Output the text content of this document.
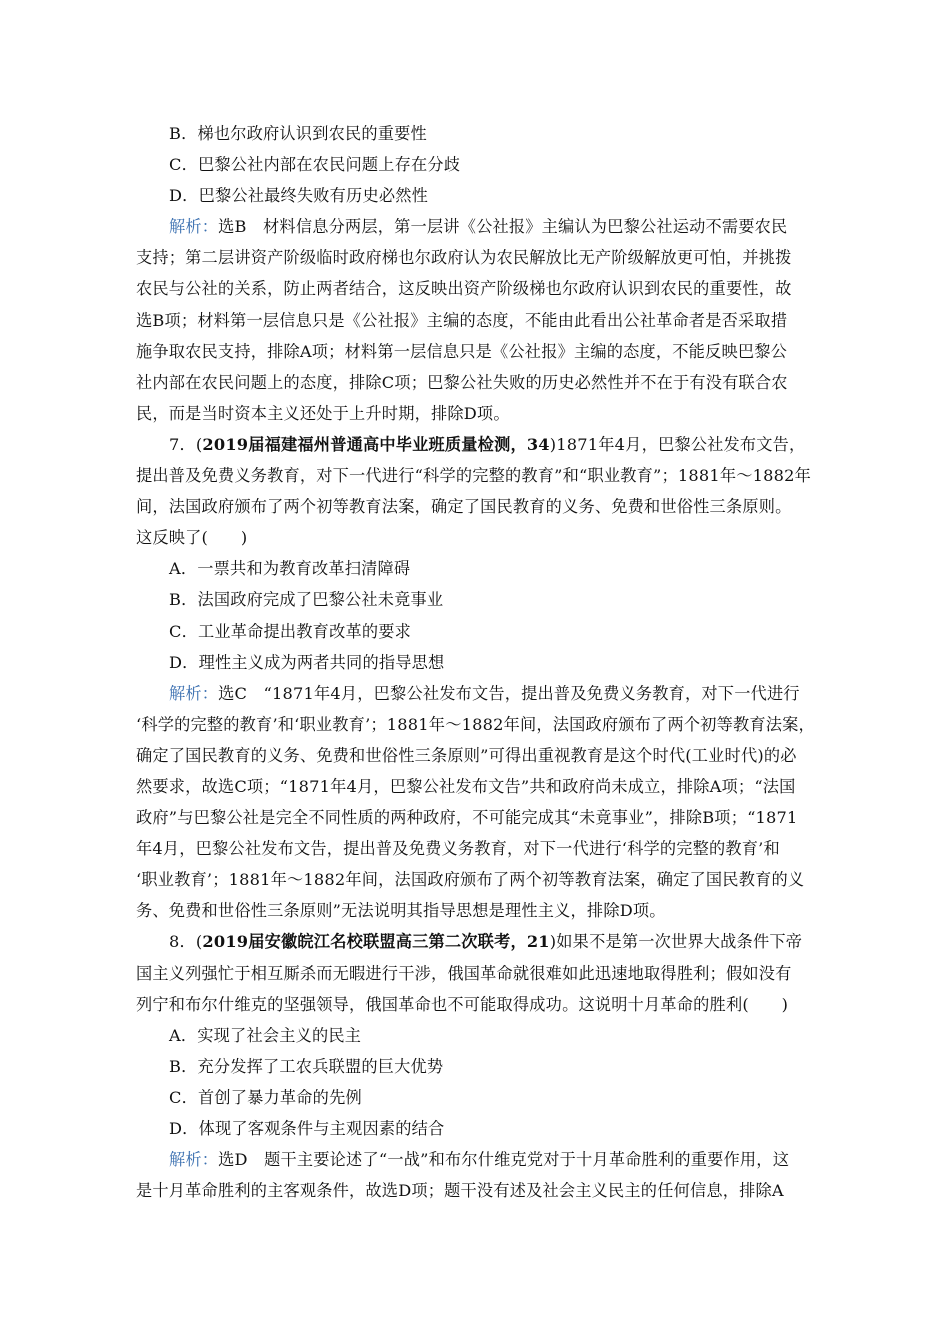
B．梯也尔政府认识到农民的重要性
C．巴黎公社内部在农民问题上存在分歧
D．巴黎公社最终失败有历史必然性
解析：选B　材料信息分两层，第一层讲《公社报》主编认为巴黎公社运动不需要农民
支持；第二层讲资产阶级临时政府梯也尔政府认为农民解放比无产阶级解放更可怕，并挑拨
农民与公社的关系，防止两者结合，这反映出资产阶级梯也尔政府认识到农民的重要性，故
选B项；材料第一层信息只是《公社报》主编的态度，不能由此看出公社革命者是否采取措
施争取农民支持，排除A项；材料第一层信息只是《公社报》主编的态度，不能反映巴黎公
社内部在农民问题上的态度，排除C项；巴黎公社失败的历史必然性并不在于有没有联合农
民，而是当时资本主义还处于上升时期，排除D项。
7．(2019届福建福州普通高中毕业班质量检测，34)1871年4月，巴黎公社发布文告，
提出普及免费义务教育，对下一代进行“科学的完整的教育”和“职业教育”；1881年～1882年
间，法国政府颁布了两个初等教育法案，确定了国民教育的义务、免费和世俗性三条原则。
这反映了(　　)
A．一票共和为教育改革扫清障碍
B．法国政府完成了巴黎公社未竟事业
C．工业革命提出教育改革的要求
D．理性主义成为两者共同的指导思想
解析：选C　“1871年4月，巴黎公社发布文告，提出普及免费义务教育，对下一代进行
‘科学的完整的教育’和‘职业教育’；1881年～1882年间，法国政府颁布了两个初等教育法案，
确定了国民教育的义务、免费和世俗性三条原则”可得出重视教育是这个时代(工业时代)的必
然要求，故选C项；“1871年4月，巴黎公社发布文告”共和政府尚未成立，排除A项；“法国
政府”与巴黎公社是完全不同性质的两种政府，不可能完成其“未竟事业”，排除B项；“1871
年4月，巴黎公社发布文告，提出普及免费义务教育，对下一代进行‘科学的完整的教育’和
‘职业教育’；1881年～1882年间，法国政府颁布了两个初等教育法案，确定了国民教育的义
务、免费和世俗性三条原则”无法说明其指导思想是理性主义，排除D项。
8．(2019届安徽皖江名校联盟高三第二次联考，21)如果不是第一次世界大战条件下帝
国主义列强忙于相互厮杀而无暇进行干涉，俄国革命就很难如此迅速地取得胜利；假如没有
列宁和布尔什维克的坚强领导，俄国革命也不可能取得成功。这说明十月革命的胜利(　　)
A．实现了社会主义的民主
B．充分发挥了工农兵联盟的巨大优势
C．首创了暴力革命的先例
D．体现了客观条件与主观因素的结合
解析：选D　题干主要论述了“一战”和布尔什维克党对于十月革命胜利的重要作用，这
是十月革命胜利的主客观条件，故选D项；题干没有述及社会主义民主的任何信息，排除A
